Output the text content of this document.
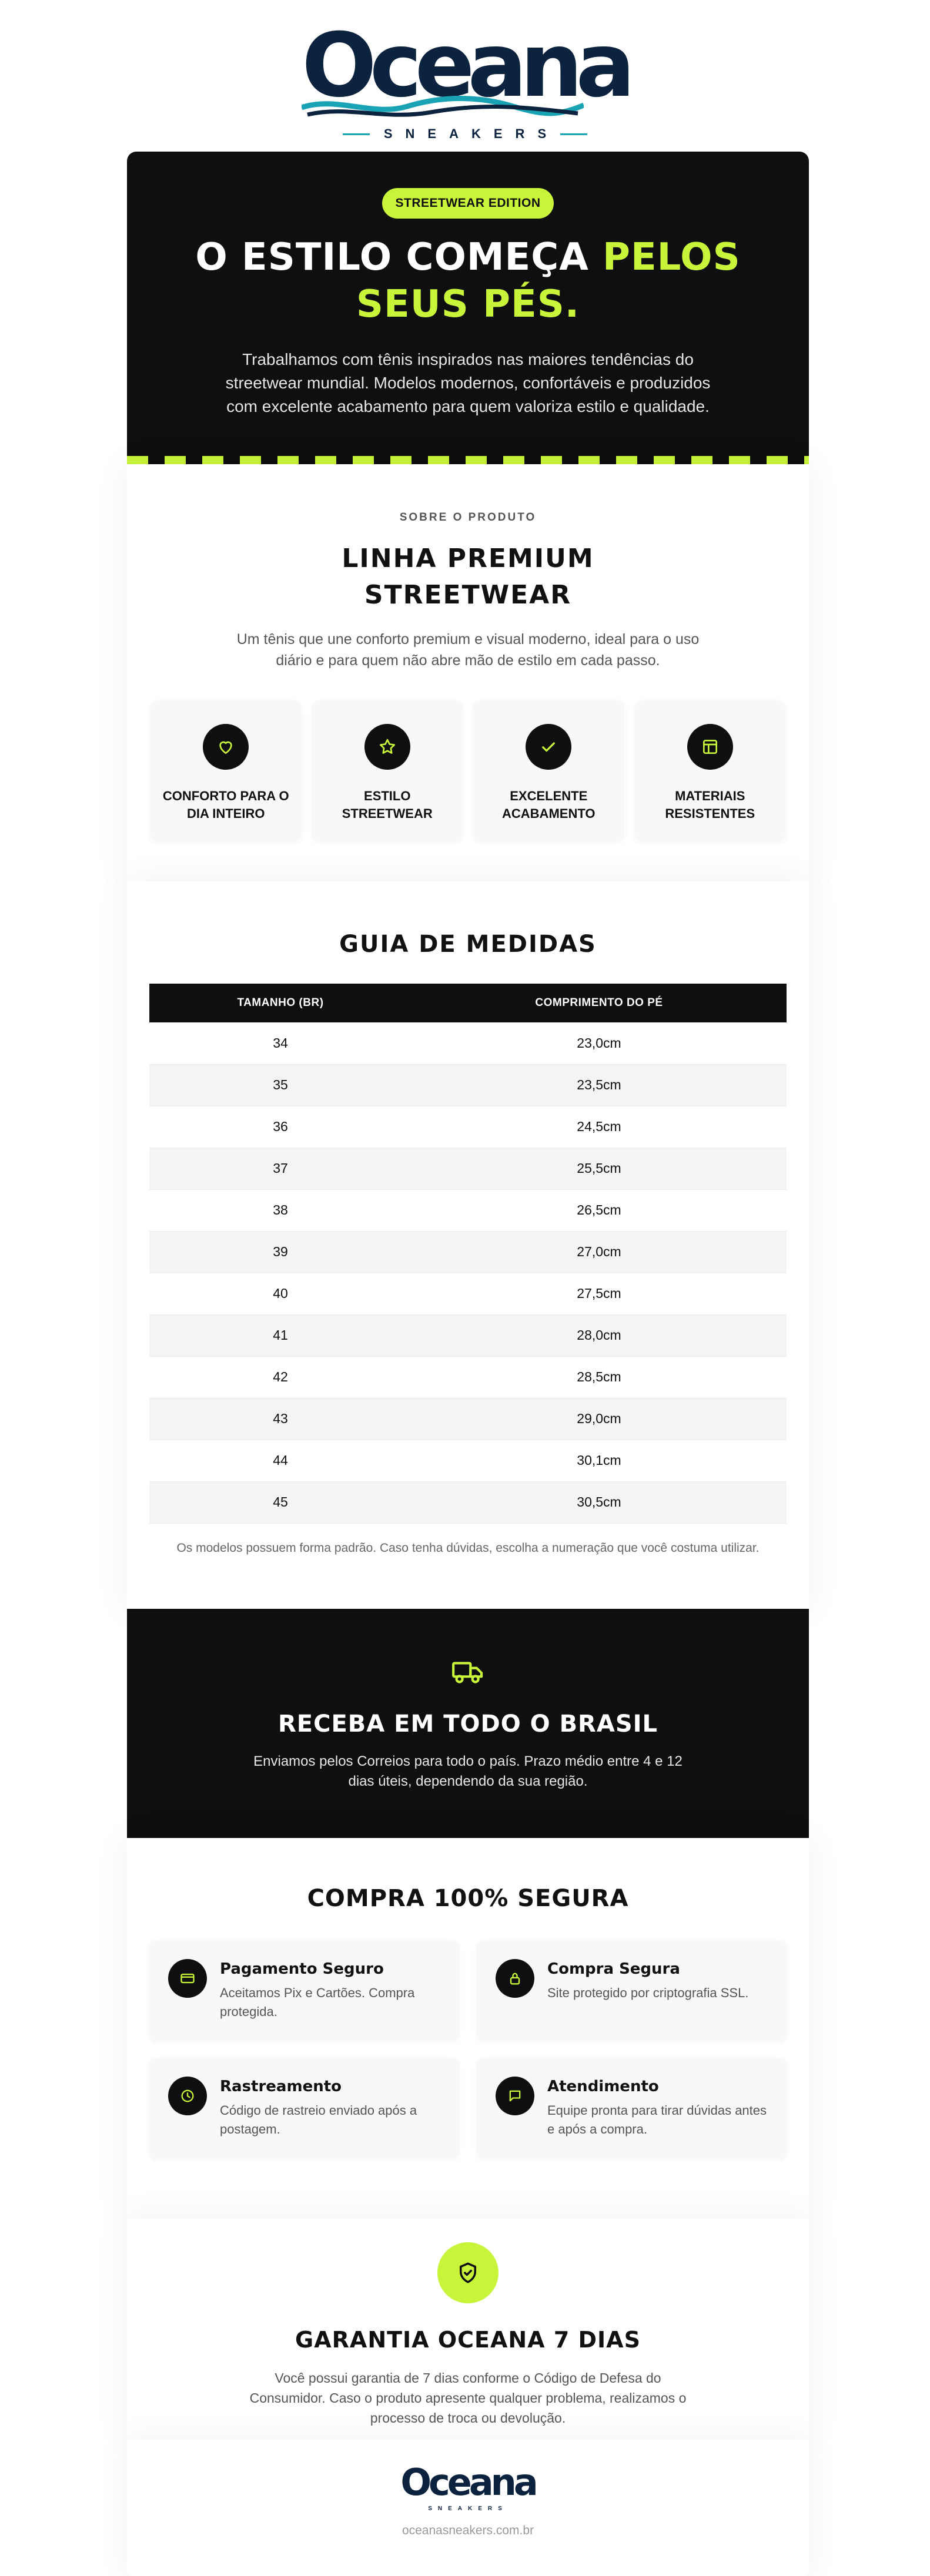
Oceana
SNEAKERS
STREETWEAR EDITION
O ESTILO COMEÇA PELOS
SEUS PÉS.

Trabalhamos com tênis inspirados nas maiores tendências do streetwear mundial. Modelos modernos, confortáveis e produzidos com excelente acabamento para quem valoriza estilo e qualidade.

SOBRE O PRODUTO
LINHA PREMIUM
STREETWEAR

Um tênis que une conforto premium e visual moderno, ideal para o uso diário e para quem não abre mão de estilo em cada passo.

CONFORTO PARA O DIA INTEIRO
ESTILO STREETWEAR
EXCELENTE ACABAMENTO
MATERIAIS RESISTENTES
GUIA DE MEDIDAS
TAMANHO (BR)	COMPRIMENTO DO PÉ
34	23,0cm
35	23,5cm
36	24,5cm
37	25,5cm
38	26,5cm
39	27,0cm
40	27,5cm
41	28,0cm
42	28,5cm
43	29,0cm
44	30,1cm
45	30,5cm

Os modelos possuem forma padrão. Caso tenha dúvidas, escolha a numeração que você costuma utilizar.

RECEBA EM TODO O BRASIL

Enviamos pelos Correios para todo o país. Prazo médio entre 4 e 12 dias úteis, dependendo da sua região.

COMPRA 100% SEGURA
Pagamento Seguro
Aceitamos Pix e Cartões. Compra protegida.
Compra Segura
Site protegido por criptografia SSL.
Rastreamento
Código de rastreio enviado após a postagem.
Atendimento
Equipe pronta para tirar dúvidas antes e após a compra.
GARANTIA OCEANA 7 DIAS

Você possui garantia de 7 dias conforme o Código de Defesa do Consumidor. Caso o produto apresente qualquer problema, realizamos o processo de troca ou devolução.

Oceana
SNEAKERS
oceanasneakers.com.br
